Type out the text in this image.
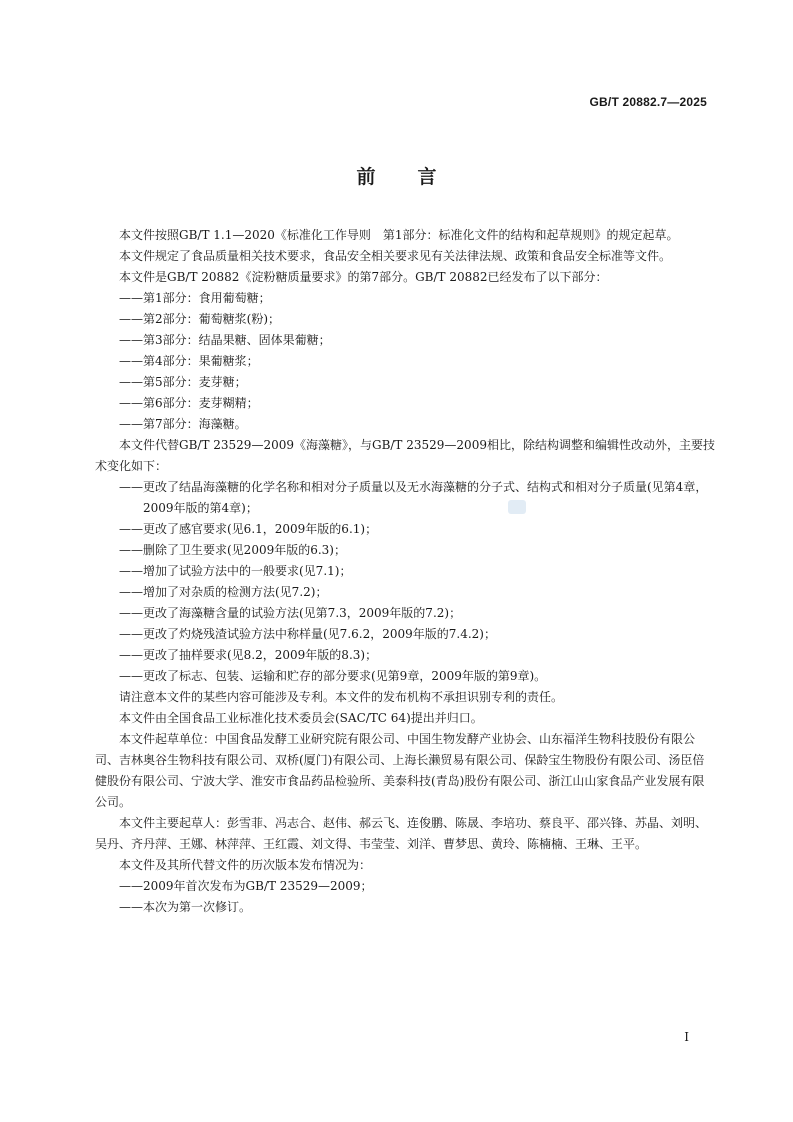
GB/T 20882.7—2025
前言

本文件按照GB/T 1.1—2020《标准化工作导则　第1部分：标准化文件的结构和起草规则》的规定起草。

本文件规定了食品质量相关技术要求，食品安全相关要求见有关法律法规、政策和食品安全标准等文件。

本文件是GB/T 20882《淀粉糖质量要求》的第7部分。GB/T 20882已经发布了以下部分：

——第1部分：食用葡萄糖；

——第2部分：葡萄糖浆(粉)；

——第3部分：结晶果糖、固体果葡糖；

——第4部分：果葡糖浆；

——第5部分：麦芽糖；

——第6部分：麦芽糊精；

——第7部分：海藻糖。

本文件代替GB/T 23529—2009《海藻糖》，与GB/T 23529—2009相比，除结构调整和编辑性改动外，主要技术变化如下：

——更改了结晶海藻糖的化学名称和相对分子质量以及无水海藻糖的分子式、结构式和相对分子质量(见第4章，2009年版的第4章)；

——更改了感官要求(见6.1，2009年版的6.1)；

——删除了卫生要求(见2009年版的6.3)；

——增加了试验方法中的一般要求(见7.1)；

——增加了对杂质的检测方法(见7.2)；

——更改了海藻糖含量的试验方法(见第7.3，2009年版的7.2)；

——更改了灼烧残渣试验方法中称样量(见7.6.2，2009年版的7.4.2)；

——更改了抽样要求(见8.2，2009年版的8.3)；

——更改了标志、包装、运输和贮存的部分要求(见第9章，2009年版的第9章)。

请注意本文件的某些内容可能涉及专利。本文件的发布机构不承担识别专利的责任。

本文件由全国食品工业标准化技术委员会(SAC/TC 64)提出并归口。

本文件起草单位：中国食品发酵工业研究院有限公司、中国生物发酵产业协会、山东福洋生物科技股份有限公司、吉林奥谷生物科技有限公司、双桥(厦门)有限公司、上海长濑贸易有限公司、保龄宝生物股份有限公司、汤臣倍健股份有限公司、宁波大学、淮安市食品药品检验所、美泰科技(青岛)股份有限公司、浙江山山家食品产业发展有限公司。

本文件主要起草人：彭雪菲、冯志合、赵伟、郝云飞、连俊鹏、陈晟、李培功、蔡良平、邵兴锋、苏晶、刘明、吴丹、齐丹萍、王娜、林萍萍、王红霞、刘文得、韦莹莹、刘洋、曹梦思、黄玲、陈楠楠、王琳、王平。

本文件及其所代替文件的历次版本发布情况为：

——2009年首次发布为GB/T 23529—2009；

——本次为第一次修订。

I
